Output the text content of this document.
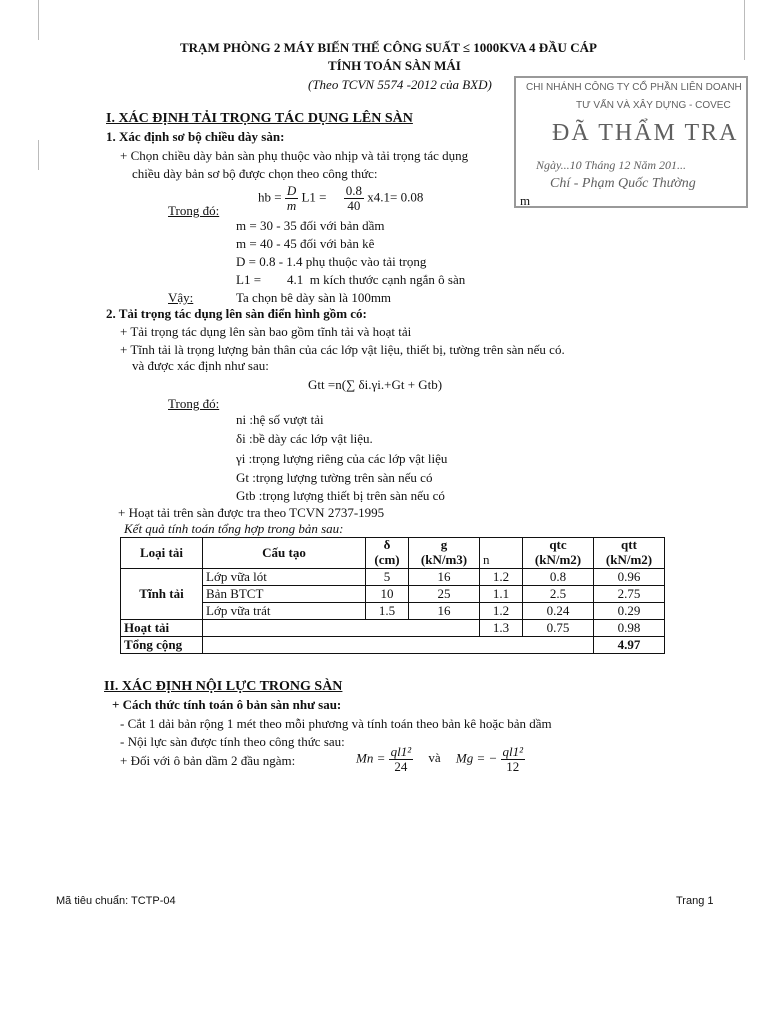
TRẠM PHÒNG 2 MÁY BIẾN THẾ CÔNG SUẤT ≤ 1000KVA 4 ĐẦU CÁP
TÍNH TOÁN SÀN MÁI
(Theo TCVN 5574 -2012 của BXD)	CHI NHÁNH CÔNG TY CỔ PHẦN LIÊN DOANH
TƯ VẤN VÀ XÂY DỰNG - COVEC
ĐÃ THẨM TRA
Ngày...10 Tháng 12 Năm 201...
Chí - Phạm Quốc Thường
m
I. XÁC ĐỊNH TẢI TRỌNG TÁC DỤNG LÊN SÀN
1. Xác định sơ bộ chiều dày sàn:
+ Chọn chiều dày bản sàn phụ thuộc vào nhịp và tải trọng tác dụng
chiều dày bản sơ bộ được chọn theo công thức:
hb = $\frac{D}{m} L1 = \frac{0.8}{40} x4.1= 0.08$
Trong đó:
m = 30 - 35 đối với bản dầm
m = 40 - 45 đối với bản kê
D = 0.8 - 1.4 phụ thuộc vào tải trọng
L1 =        4.1  m kích thước cạnh ngắn ô sàn
Vậy:	Ta chọn bê dày sàn là 100mm
2. Tải trọng tác dụng lên sàn điển hình gồm có:
+ Tải trọng tác dụng lên sàn bao gồm tĩnh tải và hoạt tải
+ Tĩnh tải là trọng lượng bản thân của các lớp vật liệu, thiết bị, tường trên sàn nếu có.
và được xác định như sau:
Gtt =n(∑ δi.γi.+Gt + Gtb)
Trong đó:
ni :hệ số vượt tải
δi :bề dày các lớp vật liệu.
γi :trọng lượng riêng của các lớp vật liệu
Gt :trọng lượng tường trên sàn nếu có
Gtb :trọng lượng thiết bị trên sàn nếu có
+ Hoạt tải trên sàn được tra theo TCVN 2737-1995
Kết quả tính toán tổng hợp trong bản sau:
Loại tải	Cấu tạo	δ	g	n	qtc	qtt
		(cm)	(kN/m3)		(kN/m2)	(kN/m2)
Tĩnh tải	Lớp vữa lót	5	16	1.2	0.8	0.96
	Bản BTCT	10	25	1.1	2.5	2.75
	Lớp vữa trát	1.5	16	1.2	0.24	0.29
Hoạt tải				1.3	0.75	0.98
Tổng cộng						4.97
II. XÁC ĐỊNH NỘI LỰC TRONG SÀN
+ Cách thức tính toán ô bản sàn như sau:
- Cắt 1 dải bản rộng 1 mét theo mỗi phương và tính toán theo bản kê hoặc bản dầm
- Nội lực sàn được tính theo công thức sau:
+ Đối với ô bản dầm 2 đầu ngàm:	$Mn = \frac{\text{ql1²}}{24}$ và Mg = − $\frac{\text{ql1²}}{12}$
Mã tiêu chuẩn: TCTP-04	Trang 1
